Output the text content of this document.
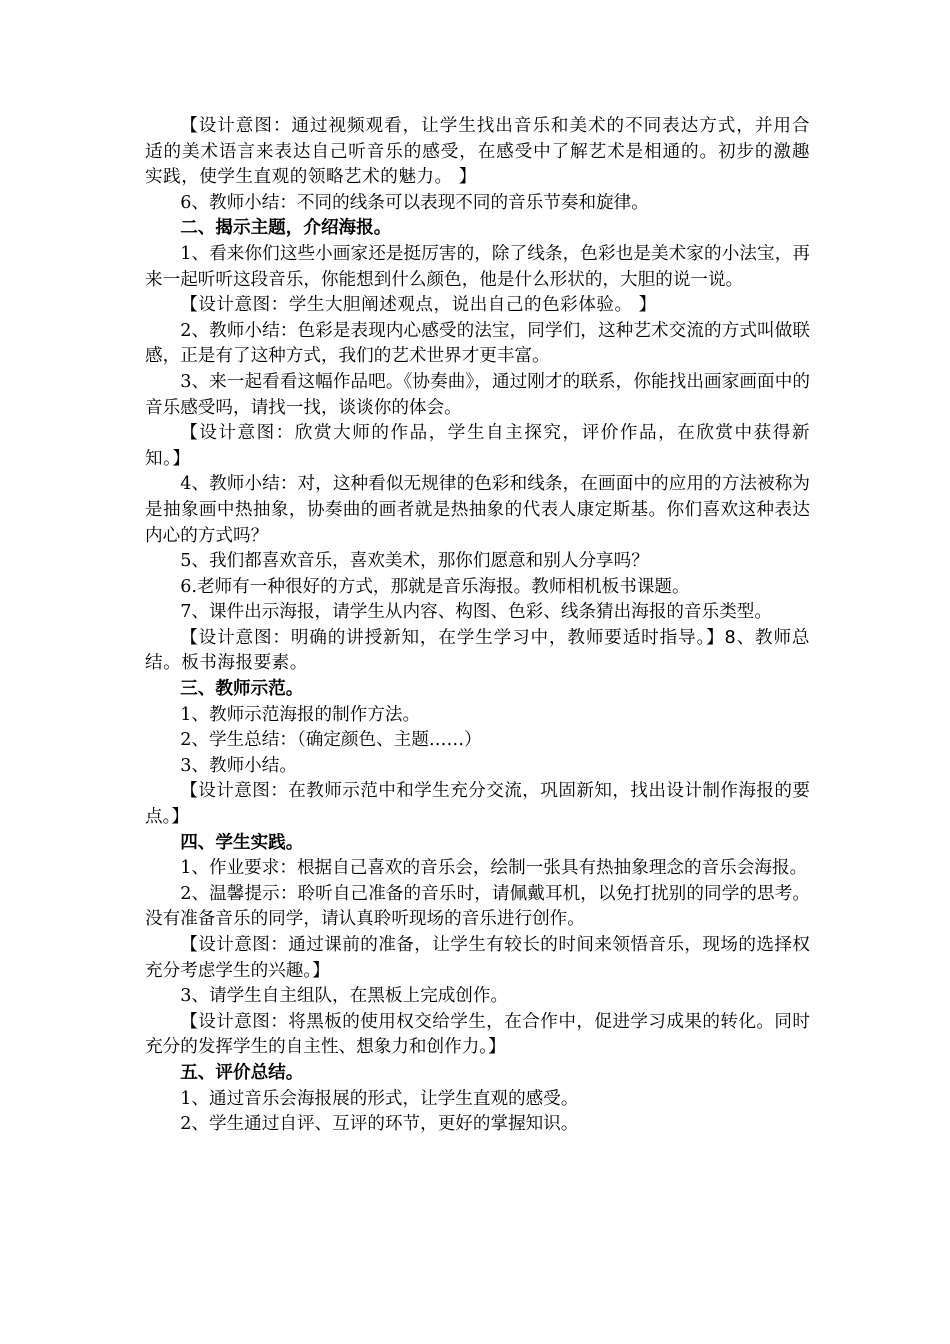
【设计意图：通过视频观看，让学生找出音乐和美术的不同表达方式，并用合适的美术语言来表达自己听音乐的感受，在感受中了解艺术是相通的。初步的激趣实践，使学生直观的领略艺术的魅力。 】

6、教师小结：不同的线条可以表现不同的音乐节奏和旋律。

二、揭示主题，介绍海报。

1、看来你们这些小画家还是挺厉害的，除了线条，色彩也是美术家的小法宝，再来一起听听这段音乐，你能想到什么颜色，他是什么形状的，大胆的说一说。

【设计意图：学生大胆阐述观点，说出自己的色彩体验。 】

2、教师小结：色彩是表现内心感受的法宝，同学们，这种艺术交流的方式叫做联感，正是有了这种方式，我们的艺术世界才更丰富。

3、来一起看看这幅作品吧。《协奏曲》，通过刚才的联系，你能找出画家画面中的音乐感受吗，请找一找，谈谈你的体会。

【设计意图：欣赏大师的作品，学生自主探究，评价作品，在欣赏中获得新知。】

4、教师小结：对，这种看似无规律的色彩和线条，在画面中的应用的方法被称为是抽象画中热抽象，协奏曲的画者就是热抽象的代表人康定斯基。你们喜欢这种表达内心的方式吗？

5、我们都喜欢音乐，喜欢美术，那你们愿意和别人分享吗？

6.老师有一种很好的方式，那就是音乐海报。教师相机板书课题。

7、课件出示海报，请学生从内容、构图、色彩、线条猜出海报的音乐类型。

【设计意图：明确的讲授新知，在学生学习中，教师要适时指导。】8、教师总结。板书海报要素。

三、教师示范。

1、教师示范海报的制作方法。

2、学生总结：（确定颜色、主题……）

3、教师小结。

【设计意图：在教师示范中和学生充分交流，巩固新知，找出设计制作海报的要点。】

四、学生实践。

1、作业要求：根据自己喜欢的音乐会，绘制一张具有热抽象理念的音乐会海报。

2、温馨提示：聆听自己准备的音乐时，请佩戴耳机，以免打扰别的同学的思考。没有准备音乐的同学，请认真聆听现场的音乐进行创作。

【设计意图：通过课前的准备，让学生有较长的时间来领悟音乐，现场的选择权充分考虑学生的兴趣。】

3、请学生自主组队，在黑板上完成创作。

【设计意图：将黑板的使用权交给学生，在合作中，促进学习成果的转化。同时充分的发挥学生的自主性、想象力和创作力。】

五、评价总结。

1、通过音乐会海报展的形式，让学生直观的感受。

2、学生通过自评、互评的环节，更好的掌握知识。
